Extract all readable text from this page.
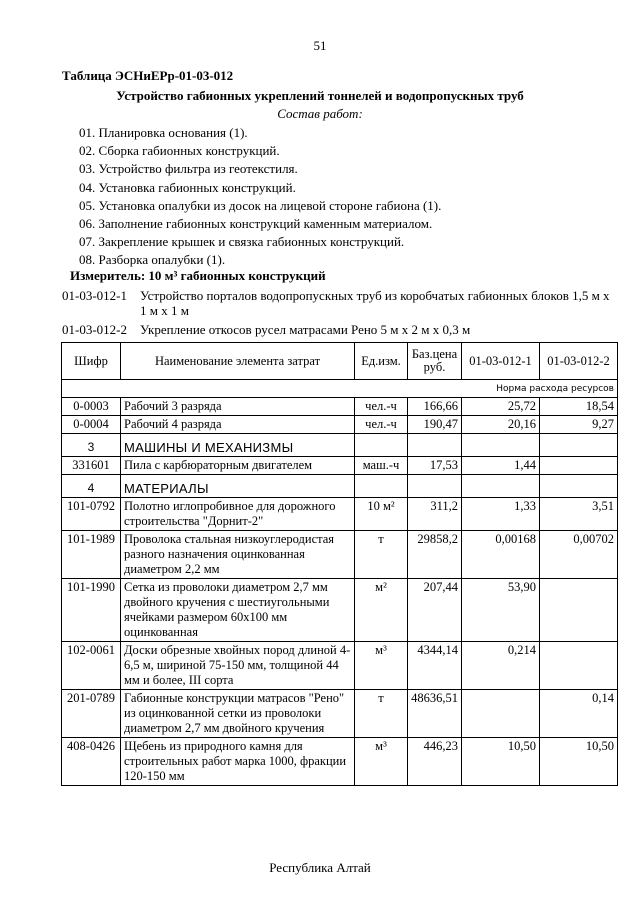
51
Таблица ЭСНиЕРр-01-03-012
Устройство габионных укреплений тоннелей и водопропускных труб
Состав работ:
01. Планировка основания (1).
02. Сборка габионных конструкций.
03. Устройство фильтра из геотекстиля.
04. Установка габионных конструкций.
05. Установка опалубки из досок на лицевой стороне габиона (1).
06. Заполнение габионных конструкций каменным материалом.
07. Закрепление крышек и связка габионных конструкций.
08. Разборка опалубки (1).
Измеритель: 10 м³ габионных конструкций
01-03-012-1	Устройство порталов водопропускных труб из коробчатых габионных блоков 1,5 м х 1 м х 1 м
01-03-012-2	Укрепление откосов русел матрасами Рено 5 м х 2 м х 0,3 м
Шифр	Наименование элемента затрат	Ед.изм.	Баз.цена руб.	01-03-012-1	01-03-012-2
Норма расхода ресурсов					
0-0003	Рабочий 3 разряда	чел.-ч	166,66	25,72	18,54
0-0004	Рабочий 4 разряда	чел.-ч	190,47	20,16	9,27
3	МАШИНЫ И МЕХАНИЗМЫ				
331601	Пила с карбюраторным двигателем	маш.-ч	17,53	1,44	
4	МАТЕРИАЛЫ				
101-0792	Полотно иглопробивное для дорожного строительства "Дорнит-2"	10 м²	311,2	1,33	3,51
101-1989	Проволока стальная низкоуглеродистая разного назначения оцинкованная диаметром 2,2 мм	т	29858,2	0,00168	0,00702
101-1990	Сетка из проволоки диаметром 2,7 мм двойного кручения с шестиугольными ячейками размером 60х100 мм оцинкованная	м²	207,44	53,90	
102-0061	Доски обрезные хвойных пород длиной 4-6,5 м, шириной 75-150 мм, толщиной 44 мм и более, III сорта	м³	4344,14	0,214	
201-0789	Габионные конструкции матрасов "Рено" из оцинкованной сетки из проволоки диаметром 2,7 мм двойного кручения	т	48636,51		0,14
408-0426	Щебень из природного камня для строительных работ марка 1000, фракции 120-150 мм	м³	446,23	10,50	10,50
Республика Алтай
